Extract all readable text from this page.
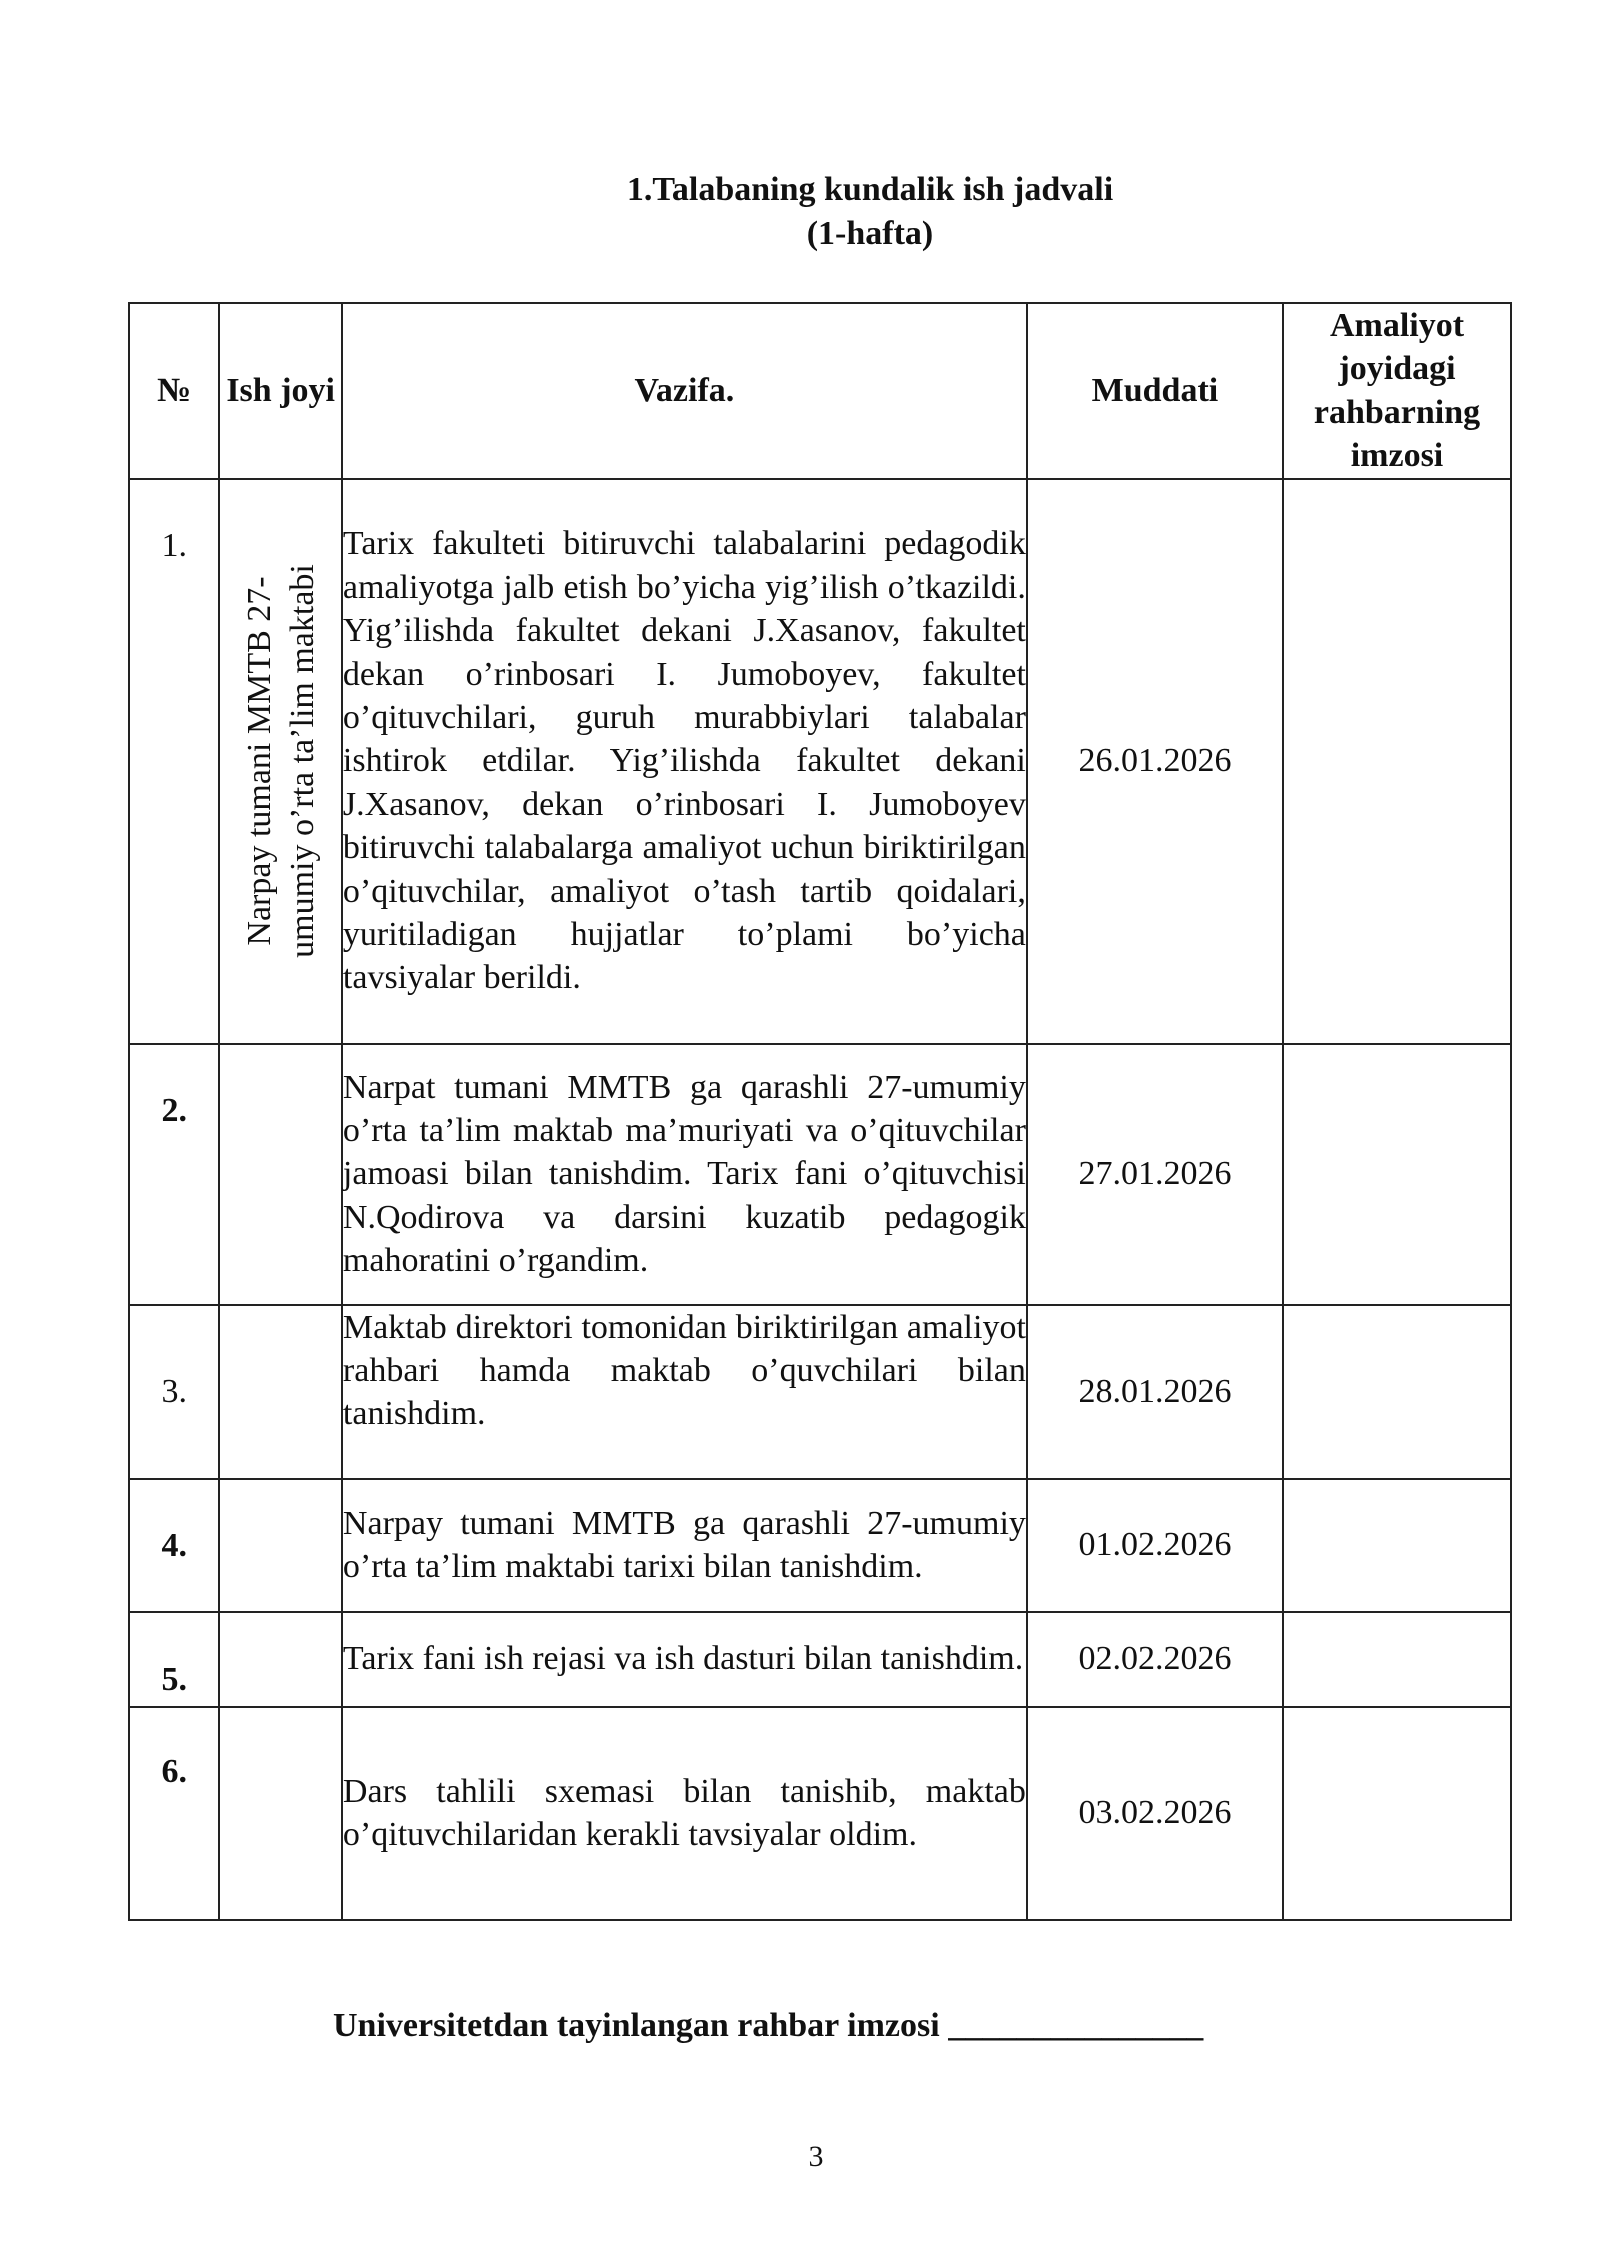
1.Talabaning kundalik ish jadvali
(1-hafta)
№	Ish joyi	Vazifa.	Muddati	Amaliyot joyidagi rahbarning imzosi
1.	Narpay tumani MMTB 27-umumiy o’rta ta’lim maktabi	Tarix fakulteti bitiruvchi talabalarini pedagodik amaliyotga jalb etish bo’yicha yig’ilish o’tkazildi. Yig’ilishda fakultet dekani J.Xasanov, fakultet dekan o’rinbosari I. Jumoboyev, fakultet o’qituvchilari, guruh murabbiylari talabalar ishtirok etdilar. Yig’ilishda fakultet dekani J.Xasanov, dekan o’rinbosari I. Jumoboyev bitiruvchi talabalarga amaliyot uchun biriktirilgan o’qituvchilar, amaliyot o’tash tartib qoidalari, yuritiladigan hujjatlar to’plami bo’yicha tavsiyalar berildi.	26.01.2026	
2.		Narpat tumani MMTB ga qarashli 27-umumiy o’rta ta’lim maktab ma’muriyati va o’qituvchilar jamoasi bilan tanishdim. Tarix fani o’qituvchisi N.Qodirova va darsini kuzatib pedagogik mahoratini o’rgandim.	27.01.2026	
3.		Maktab direktori tomonidan biriktirilgan amaliyot rahbari hamda maktab o’quvchilari bilan tanishdim.	28.01.2026	
4.		Narpay tumani MMTB ga qarashli 27-umumiy o’rta ta’lim maktabi tarixi bilan tanishdim.	01.02.2026	
5.		Tarix fani ish rejasi va ish dasturi bilan tanishdim.	02.02.2026	
6.		Dars tahlili sxemasi bilan tanishib, maktab o’qituvchilaridan kerakli tavsiyalar oldim.	03.02.2026	
Universitetdan tayinlangan rahbar imzosi _______________
3
